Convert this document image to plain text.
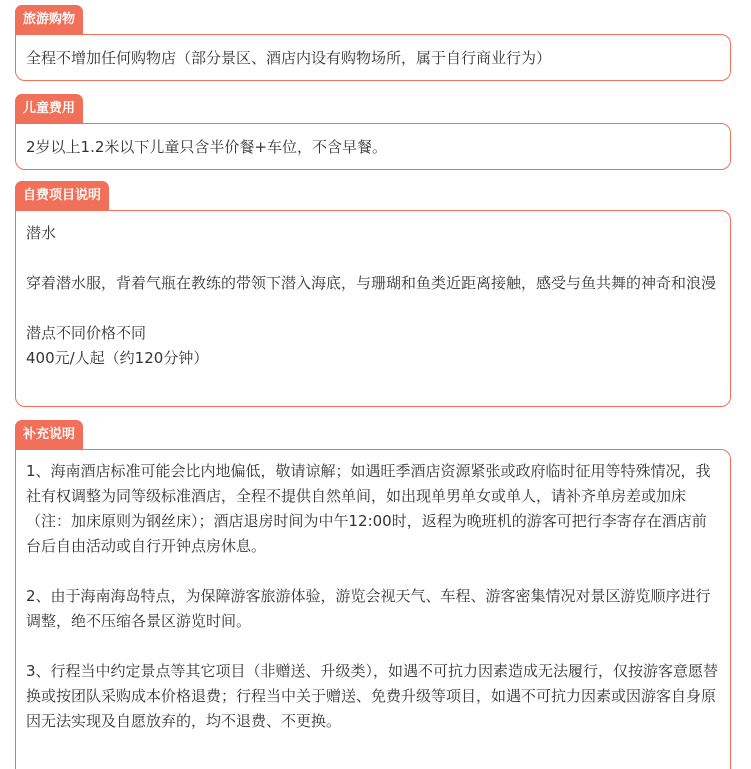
旅游购物

全程不增加任何购物店（部分景区、酒店内设有购物场所，属于自行商业行为）

儿童费用

2岁以上1.2米以下儿童只含半价餐+车位，不含早餐。

自费项目说明

潜水

穿着潜水服，背着气瓶在教练的带领下潜入海底，与珊瑚和鱼类近距离接触，感受与鱼共舞的神奇和浪漫

潜点不同价格不同

400元/人起（约120分钟）

补充说明

1、海南酒店标准可能会比内地偏低，敬请谅解；如遇旺季酒店资源紧张或政府临时征用等特殊情况，我社有权调整为同等级标准酒店，全程不提供自然单间，如出现单男单女或单人，请补齐单房差或加床（注：加床原则为钢丝床）；酒店退房时间为中午12:00时，返程为晚班机的游客可把行李寄存在酒店前台后自由活动或自行开钟点房休息。

2、由于海南海岛特点，为保障游客旅游体验，游览会视天气、车程、游客密集情况对景区游览顺序进行调整，绝不压缩各景区游览时间。

3、行程当中约定景点等其它项目（非赠送、升级类），如遇不可抗力因素造成无法履行，仅按游客意愿替换或按团队采购成本价格退费；行程当中关于赠送、免费升级等项目，如遇不可抗力因素或因游客自身原因无法实现及自愿放弃的，均不退费、不更换。
